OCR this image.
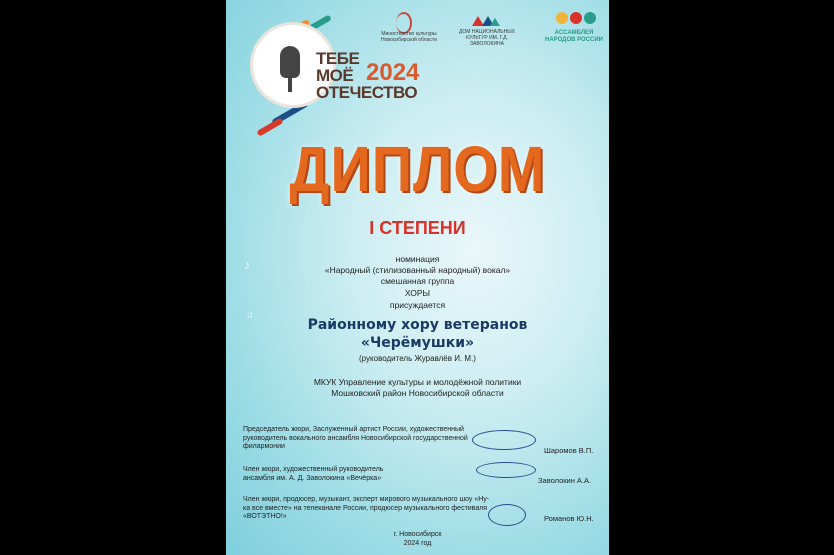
ТЕБЕ
МОЁ
ОТЕЧЕСТВО
2024
Министерство культуры Новосибирской области
ДОМ НАЦИОНАЛЬНЫХ КУЛЬТУР ИМ. Г.Д. ЗАВОЛОКИНА
АССАМБЛЕЯ НАРОДОВ РОССИИ
ДИПЛОМ
I СТЕПЕНИ
♪
♫
номинация
«Народный (стилизованный народный) вокал»
смешанная группа
ХОРЫ
присуждается
Районному хору ветеранов
«Черёмушки»
(руководитель Журавлёв И. М.)
МКУК Управление культуры и молодёжной политики
Мошковский район Новосибирской области
Председатель жюри, Заслуженный артист России, художественный руководитель вокального ансамбля Новосибирской государственной филармонии	Шаромов В.П.
Член жюри, художественный руководитель ансамбля им. А. Д. Заволокина «Вечёрка»	Заволокин А.А.
Член жюри, продюсер, музыкант, эксперт мирового музыкального шоу «Ну-ка все вместе» на телеканале России, продюсер музыкального фестиваля «ВОТЭТНО!»	Романов Ю.Н.
г. Новосибирск
2024 год
